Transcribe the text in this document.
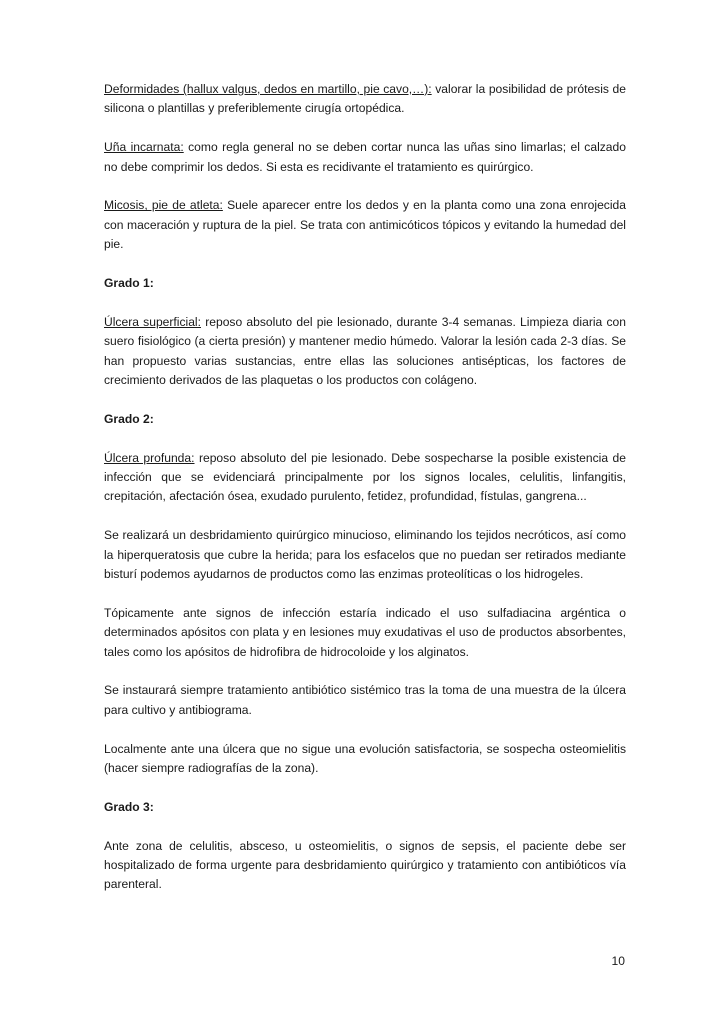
Deformidades (hallux valgus, dedos en martillo, pie cavo,…): valorar la posibilidad de prótesis de silicona o plantillas y preferiblemente cirugía ortopédica.

Uña incarnata: como regla general no se deben cortar nunca las uñas sino limarlas; el calzado no debe comprimir los dedos. Si esta es recidivante el tratamiento es quirúrgico.

Micosis, pie de atleta: Suele aparecer entre los dedos y en la planta como una zona enrojecida con maceración y ruptura de la piel. Se trata con antimicóticos tópicos y evitando la humedad del pie.

Grado 1:

Úlcera superficial: reposo absoluto del pie lesionado, durante 3-4 semanas. Limpieza diaria con suero fisiológico (a cierta presión) y mantener medio húmedo. Valorar la lesión cada 2-3 días. Se han propuesto varias sustancias, entre ellas las soluciones antisépticas, los factores de crecimiento derivados de las plaquetas o los productos con colágeno.

Grado 2:

Úlcera profunda: reposo absoluto del pie lesionado. Debe sospecharse la posible existencia de infección que se evidenciará principalmente por los signos locales, celulitis, linfangitis, crepitación, afectación ósea, exudado purulento, fetidez, profundidad, fístulas, gangrena...

Se realizará un desbridamiento quirúrgico minucioso, eliminando los tejidos necróticos, así como la hiperqueratosis que cubre la herida; para los esfacelos que no puedan ser retirados mediante bisturí podemos ayudarnos de productos como las enzimas proteolíticas o los hidrogeles.

Tópicamente ante signos de infección estaría indicado el uso sulfadiacina argéntica o determinados apósitos con plata y en lesiones muy exudativas el uso de productos absorbentes, tales como los apósitos de hidrofibra de hidrocoloide y los alginatos.

Se instaurará siempre tratamiento antibiótico sistémico tras la toma de una muestra de la úlcera para cultivo y antibiograma.

Localmente ante una úlcera que no sigue una evolución satisfactoria, se sospecha osteomielitis (hacer siempre radiografías de la zona).

Grado 3:

Ante zona de celulitis, absceso, u osteomielitis, o signos de sepsis, el paciente debe ser hospitalizado de forma urgente para desbridamiento quirúrgico y tratamiento con antibióticos vía parenteral.

10
